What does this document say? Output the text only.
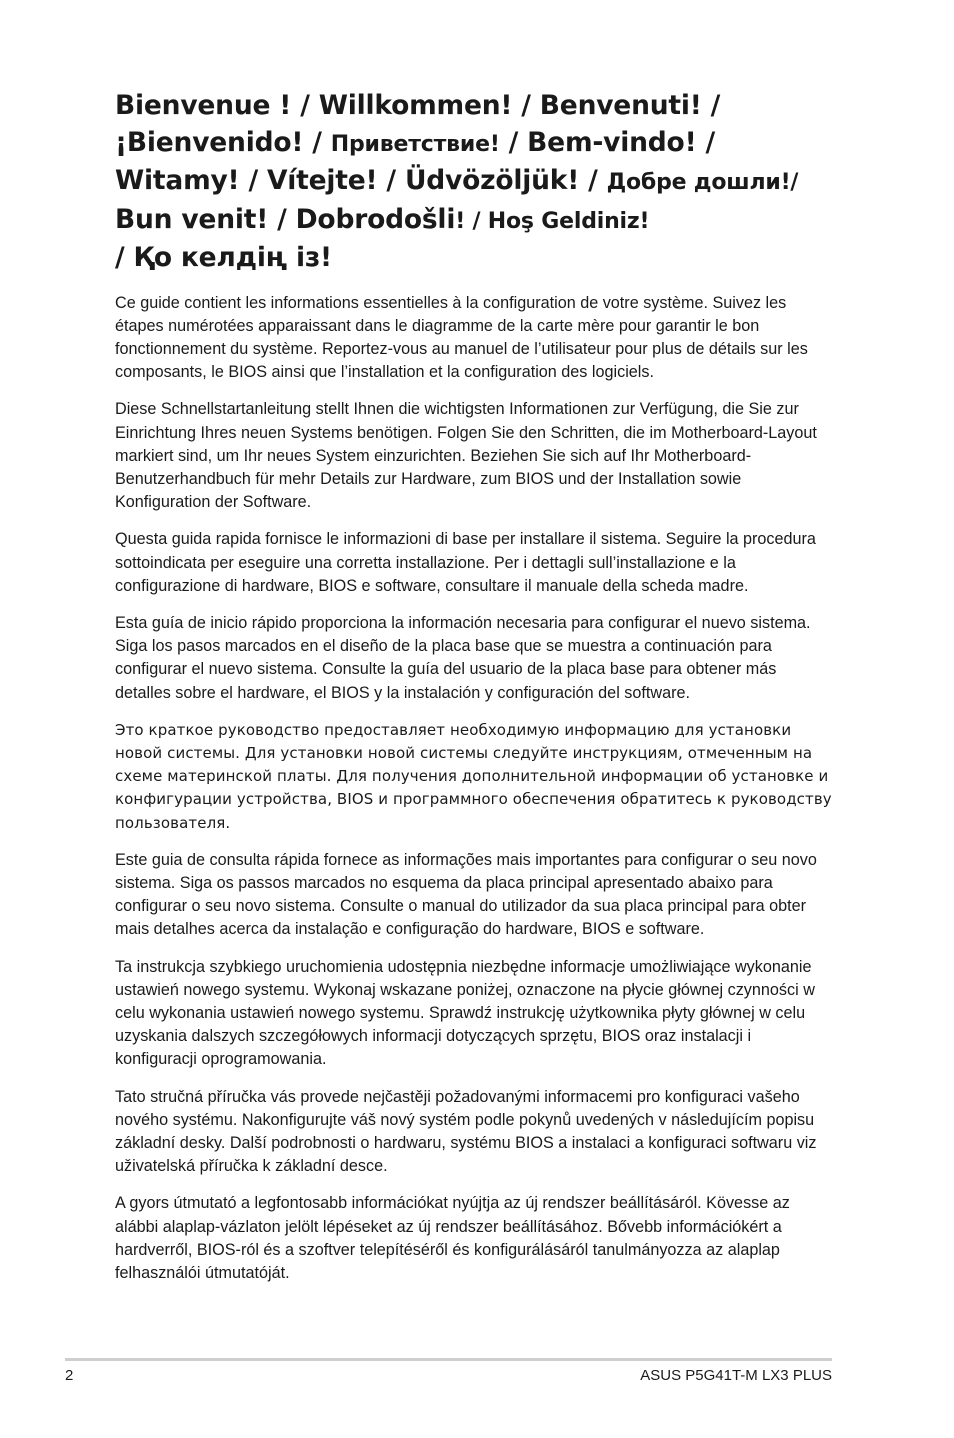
Bienvenue ! / Willkommen! / Benvenuti! /
¡Bienvenido! / Приветствие! / Bem-vindo! /
Witamy! / Vítejte! / Üdvözöljük! / Добре дошли!/
Bun venit! / Dobrodošli! / Hoş Geldiniz!
/ Қо келдің із!

Ce guide contient les informations essentielles à la configuration de votre système. Suivez les étapes numérotées apparaissant dans le diagramme de la carte mère pour garantir le bon fonctionnement du système. Reportez-vous au manuel de l’utilisateur pour plus de détails sur les composants, le BIOS ainsi que l’installation et la configuration des logiciels.

Diese Schnellstartanleitung stellt Ihnen die wichtigsten Informationen zur Verfügung, die Sie zur Einrichtung Ihres neuen Systems benötigen. Folgen Sie den Schritten, die im Motherboard-Layout markiert sind, um Ihr neues System einzurichten. Beziehen Sie sich auf Ihr Motherboard-Benutzerhandbuch für mehr Details zur Hardware, zum BIOS und der Installation sowie Konfiguration der Software.

Questa guida rapida fornisce le informazioni di base per installare il sistema. Seguire la procedura sottoindicata per eseguire una corretta installazione. Per i dettagli sull’installazione e la configurazione di hardware, BIOS e software, consultare il manuale della scheda madre.

Esta guía de inicio rápido proporciona la información necesaria para configurar el nuevo sistema. Siga los pasos marcados en el diseño de la placa base que se muestra a continuación para configurar el nuevo sistema. Consulte la guía del usuario de la placa base para obtener más detalles sobre el hardware, el BIOS y la instalación y configuración del software.

Это краткое руководство предоставляет необходимую информацию для установки новой системы. Для установки новой системы следуйте инструкциям, отмеченным на схеме материнской платы. Для получения дополнительной информации об установке и конфигурации устройства, BIOS и программного обеспечения обратитесь к руководству пользователя.

Este guia de consulta rápida fornece as informações mais importantes para configurar o seu novo sistema. Siga os passos marcados no esquema da placa principal apresentado abaixo para configurar o seu novo sistema. Consulte o manual do utilizador da sua placa principal para obter mais detalhes acerca da instalação e configuração do hardware, BIOS e software.

Ta instrukcja szybkiego uruchomienia udostępnia niezbędne informacje umożliwiające wykonanie ustawień nowego systemu. Wykonaj wskazane poniżej, oznaczone na płycie głównej czynności w celu wykonania ustawień nowego systemu. Sprawdź instrukcję użytkownika płyty głównej w celu uzyskania dalszych szczegółowych informacji dotyczących sprzętu, BIOS oraz instalacji i konfiguracji oprogramowania.

Tato stručná příručka vás provede nejčastěji požadovanými informacemi pro konfiguraci vašeho nového systému. Nakonfigurujte váš nový systém podle pokynů uvedených v následujícím popisu základní desky. Další podrobnosti o hardwaru, systému BIOS a instalaci a konfiguraci softwaru viz uživatelská příručka k základní desce.

A gyors útmutató a legfontosabb információkat nyújtja az új rendszer beállításáról. Kövesse az alábbi alaplap-vázlaton jelölt lépéseket az új rendszer beállításához. Bővebb információkért a hardverről, BIOS-ról és a szoftver telepítéséről és konfigurálásáról tanulmányozza az alaplap felhasználói útmutatóját.

2	ASUS P5G41T-M LX3 PLUS
